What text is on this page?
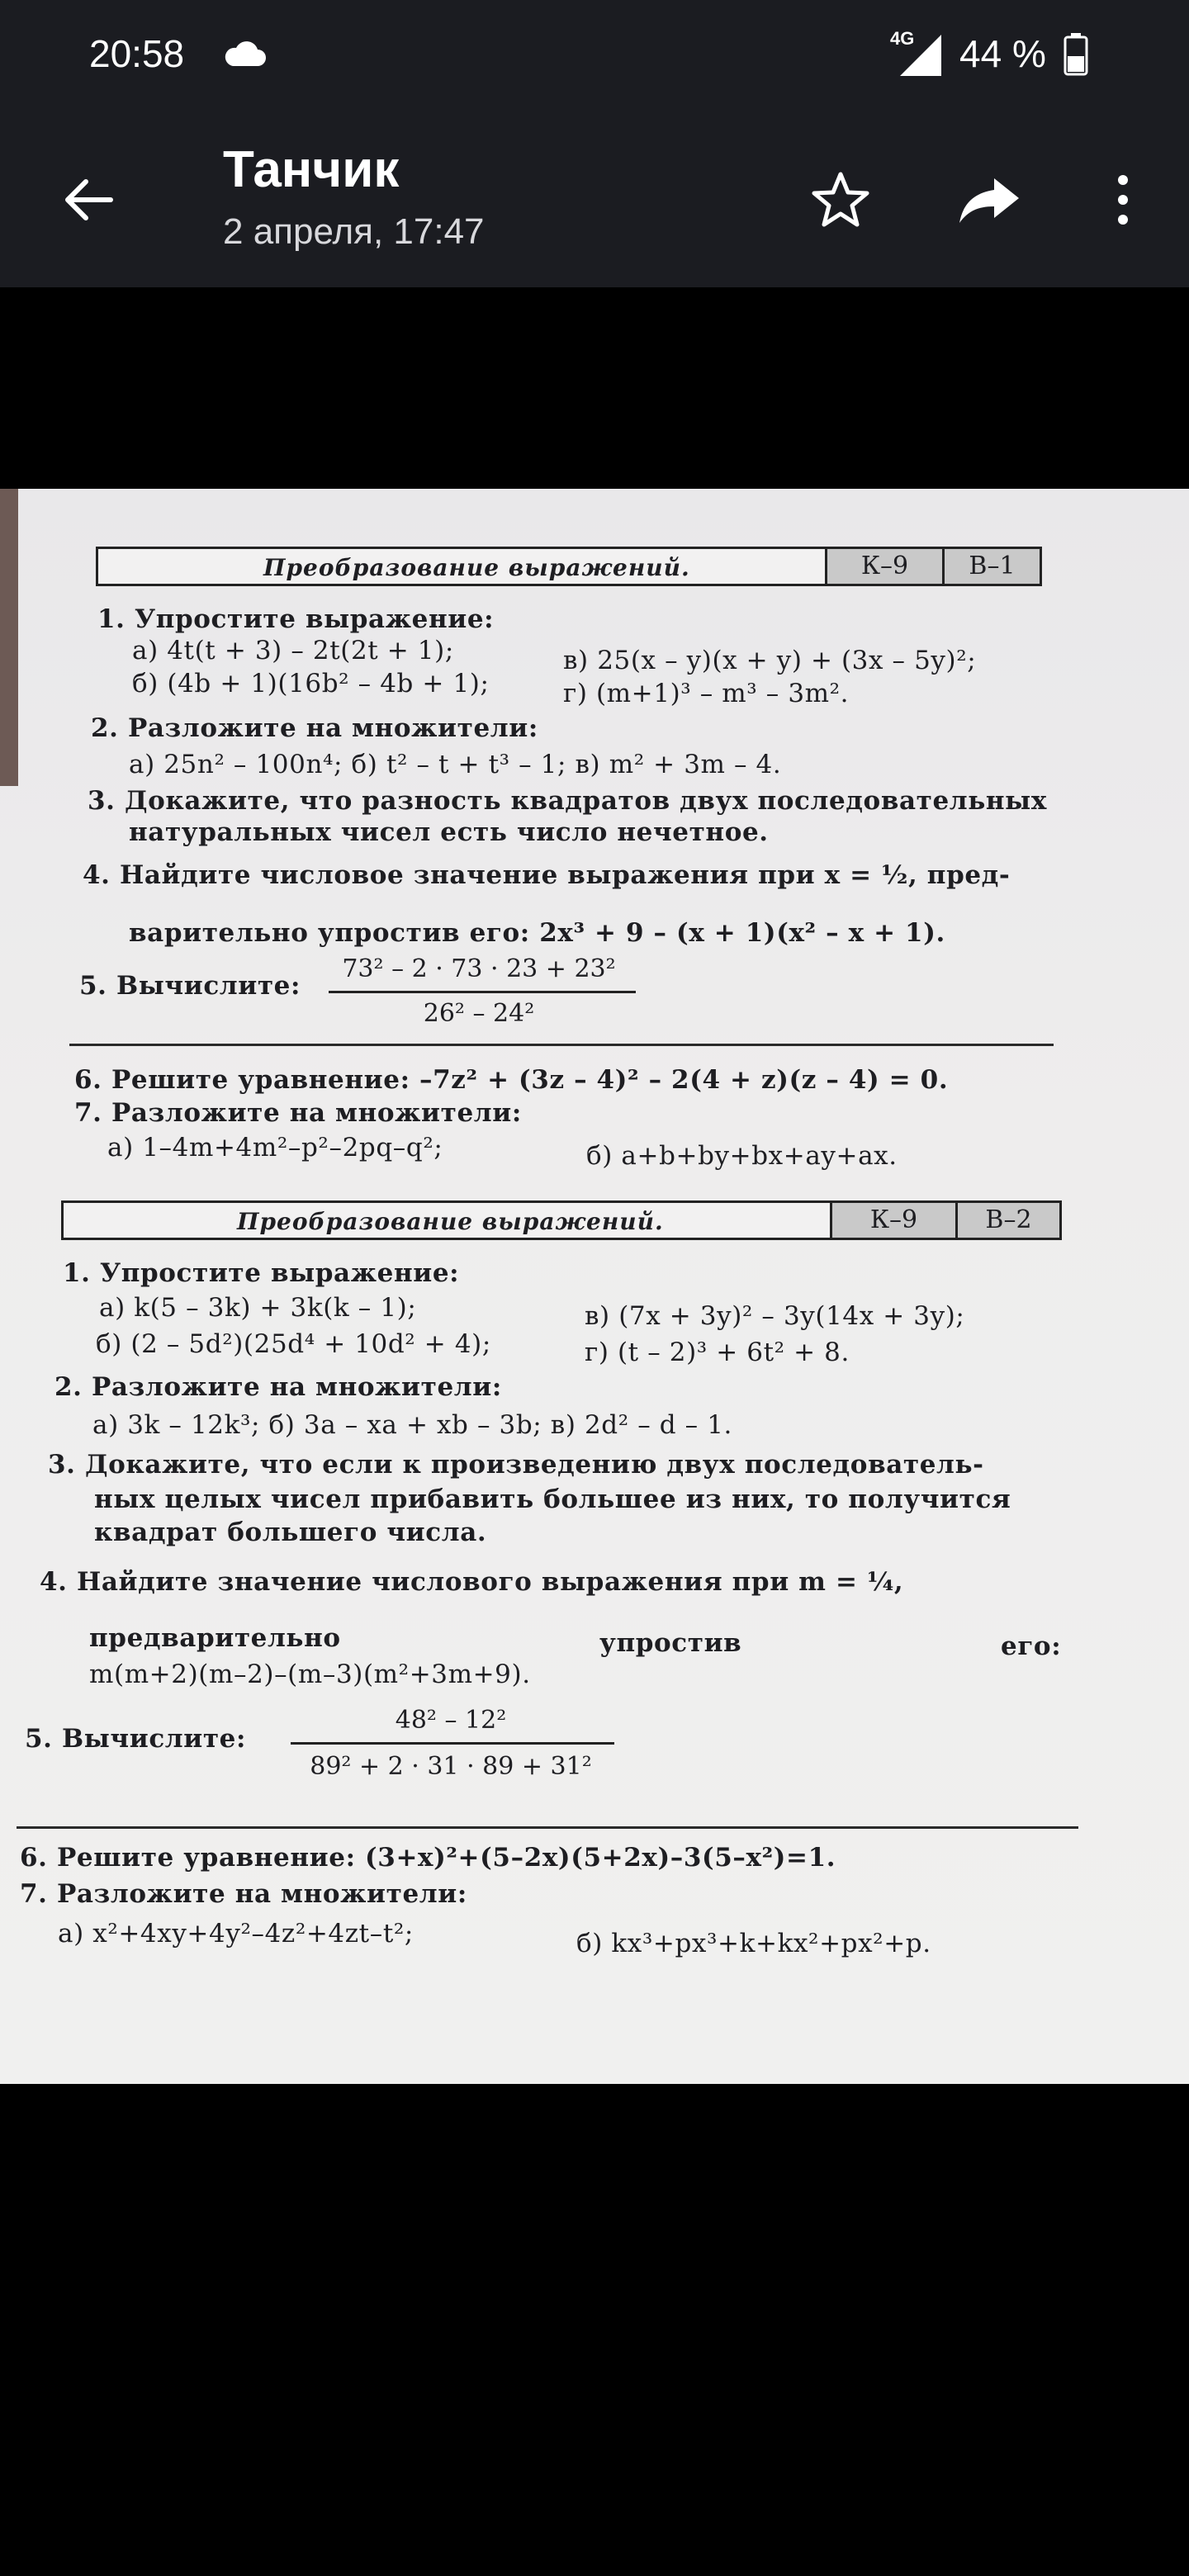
20:58	4G 44 %
Танчик
2 апреля, 17:47
Преобразование выражений.	К–9	В–1
1. Упростите выражение:
а) 4t(t + 3) – 2t(2t + 1);	в) 25(x – y)(x + y) + (3x – 5y)²;
б) (4b + 1)(16b² – 4b + 1);	г) (m+1)³ – m³ – 3m².
2. Разложите на множители:
а) 25n² – 100n⁴; б) t² – t + t³ – 1; в) m² + 3m – 4.
3. Докажите, что разность квадратов двух последовательных
натуральных чисел есть число нечетное.
4. Найдите числовое значение выражения при x = ½, пред-
варительно упростив его: 2x³ + 9 – (x + 1)(x² – x + 1).
5. Вычислите:
73² – 2 · 73 · 23 + 23²
26² – 24²
6. Решите уравнение: –7z² + (3z – 4)² – 2(4 + z)(z – 4) = 0.
7. Разложите на множители:
а) 1–4m+4m²–p²–2pq–q²;	б) a+b+by+bx+ay+ax.
Преобразование выражений.	К–9	В–2
1. Упростите выражение:
а) k(5 – 3k) + 3k(k – 1);	в) (7x + 3y)² – 3y(14x + 3y);
б) (2 – 5d²)(25d⁴ + 10d² + 4);	г) (t – 2)³ + 6t² + 8.
2. Разложите на множители:
а) 3k – 12k³; б) 3a – xa + xb – 3b; в) 2d² – d – 1.
3. Докажите, что если к произведению двух последователь-
ных целых чисел прибавить большее из них, то получится
квадрат большего числа.
4. Найдите значение числового выражения при m = ¼,
предварительно	упростив	его:
m(m+2)(m–2)–(m–3)(m²+3m+9).
5. Вычислите:
48² – 12²
89² + 2 · 31 · 89 + 31²
6. Решите уравнение: (3+x)²+(5–2x)(5+2x)–3(5–x²)=1.
7. Разложите на множители:
а) x²+4xy+4y²–4z²+4zt–t²;	б) kx³+px³+k+kx²+px²+p.
